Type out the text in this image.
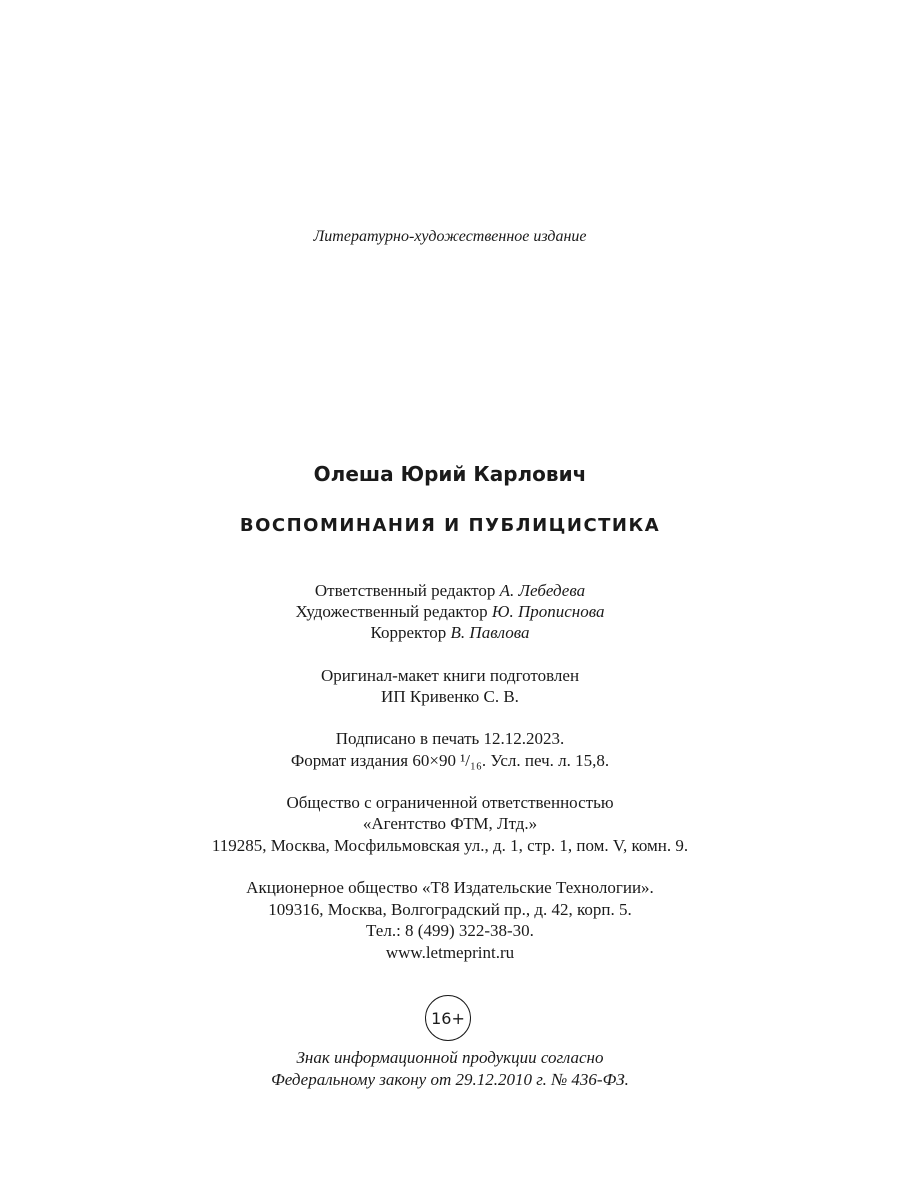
Литературно-художественное издание
Олеша Юрий Карлович
ВОСПОМИНАНИЯ И ПУБЛИЦИСТИКА
Ответственный редактор А. Лебедева
Художественный редактор Ю. Прописнова
Корректор В. Павлова
Оригинал-макет книги подготовлен
ИП Кривенко С. В.
Подписано в печать 12.12.2023.
Формат издания 60×90 ¹/₁₆. Усл. печ. л. 15,8.
Общество с ограниченной ответственностью
«Агентство ФТМ, Лтд.»
119285, Москва, Мосфильмовская ул., д. 1, стр. 1, пом. V, комн. 9.
Акционерное общество «Т8 Издательские Технологии».
109316, Москва, Волгоградский пр., д. 42, корп. 5.
Тел.: 8 (499) 322-38-30.
www.letmeprint.ru
16+
Знак информационной продукции согласно
Федеральному закону от 29.12.2010 г. № 436-ФЗ.
